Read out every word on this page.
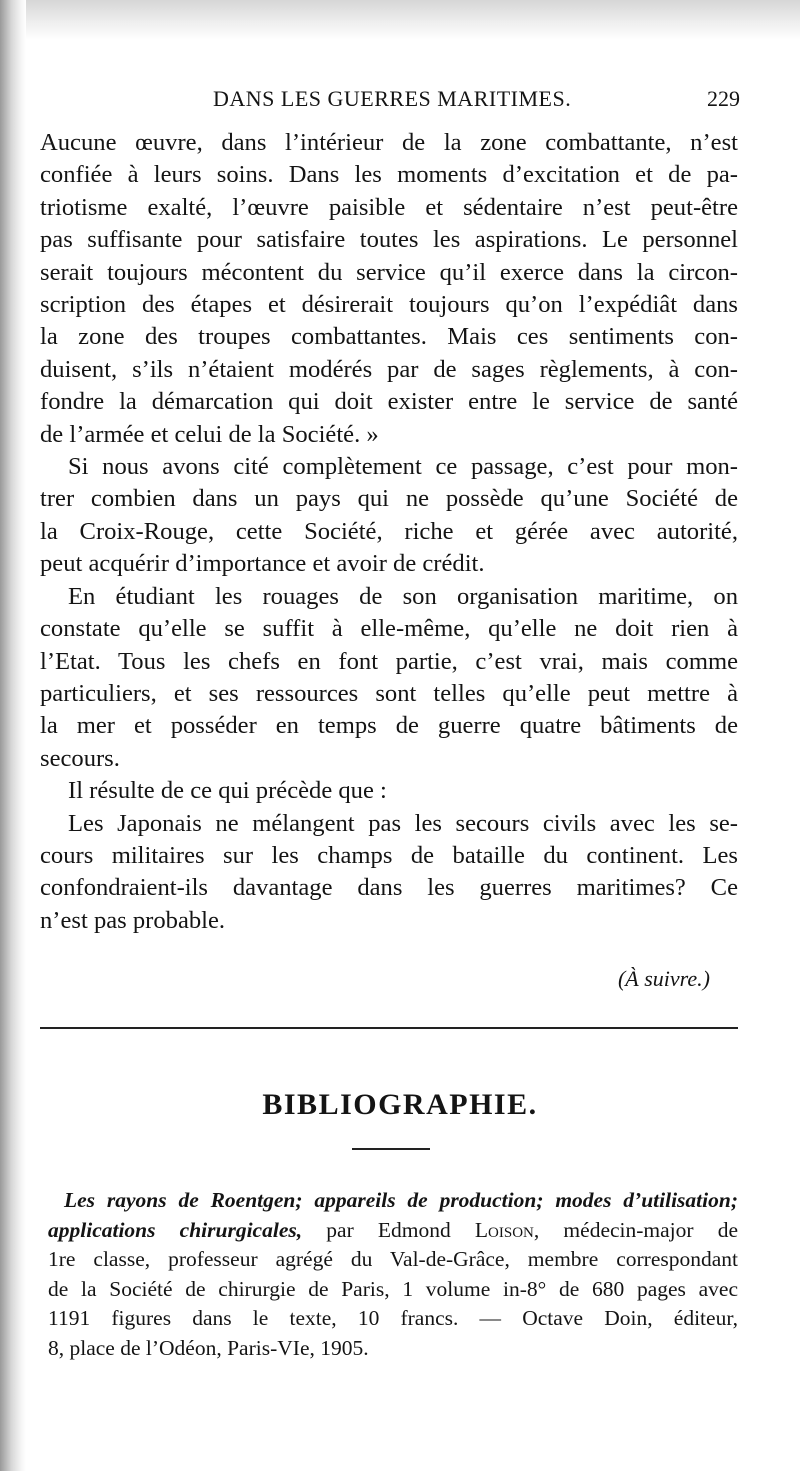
DANS LES GUERRES MARITIMES.	229

Aucune œuvre, dans l’intérieur de la zone combattante, n’est
confiée à leurs soins. Dans les moments d’excitation et de pa-
triotisme exalté, l’œuvre paisible et sédentaire n’est peut-être
pas suffisante pour satisfaire toutes les aspirations. Le personnel
serait toujours mécontent du service qu’il exerce dans la circon-
scription des étapes et désirerait toujours qu’on l’expédiât dans
la zone des troupes combattantes. Mais ces sentiments con-
duisent, s’ils n’étaient modérés par de sages règlements, à con-
fondre la démarcation qui doit exister entre le service de santé
de l’armée et celui de la Société. »

Si nous avons cité complètement ce passage, c’est pour mon-
trer combien dans un pays qui ne possède qu’une Société de
la Croix-Rouge, cette Société, riche et gérée avec autorité,
peut acquérir d’importance et avoir de crédit.

En étudiant les rouages de son organisation maritime, on
constate qu’elle se suffit à elle-même, qu’elle ne doit rien à
l’Etat. Tous les chefs en font partie, c’est vrai, mais comme
particuliers, et ses ressources sont telles qu’elle peut mettre à
la mer et posséder en temps de guerre quatre bâtiments de
secours.

Il résulte de ce qui précède que :

Les Japonais ne mélangent pas les secours civils avec les se-
cours militaires sur les champs de bataille du continent. Les
confondraient-ils davantage dans les guerres maritimes? Ce
n’est pas probable.

(À suivre.)
BIBLIOGRAPHIE.
Les rayons de Roentgen; appareils de production; modes d’utilisation;
applications chirurgicales, par Edmond Loison, médecin-major de
1re classe, professeur agrégé du Val-de-Grâce, membre correspondant
de la Société de chirurgie de Paris, 1 volume in-8° de 680 pages avec
1191 figures dans le texte, 10 francs. — Octave Doin, éditeur,
8, place de l’Odéon, Paris-VIe, 1905.
